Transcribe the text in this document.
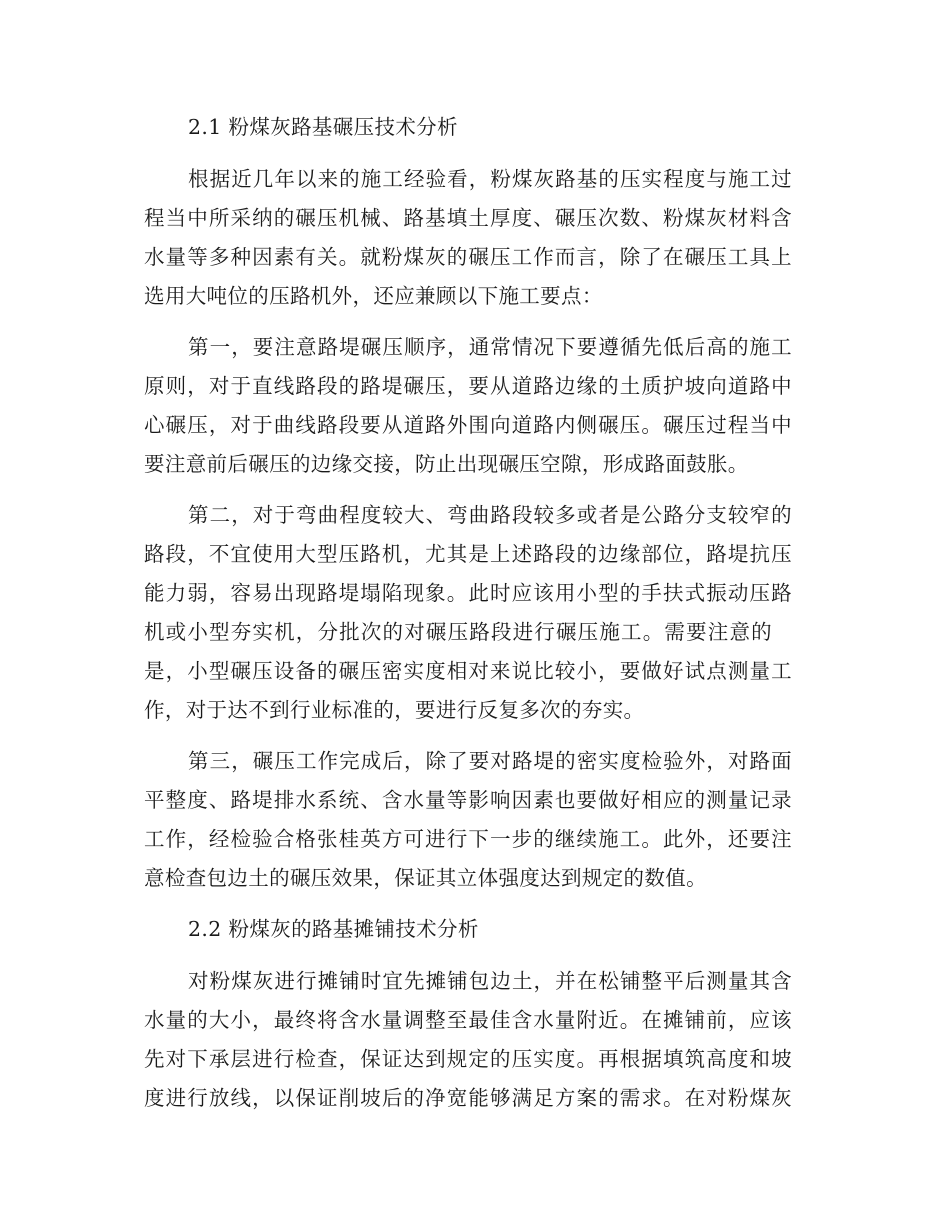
2.1 粉煤灰路基碾压技术分析
根据近几年以来的施工经验看，粉煤灰路基的压实程度与施工过
程当中所采纳的碾压机械、路基填土厚度、碾压次数、粉煤灰材料含
水量等多种因素有关。就粉煤灰的碾压工作而言，除了在碾压工具上
选用大吨位的压路机外，还应兼顾以下施工要点：
第一，要注意路堤碾压顺序，通常情况下要遵循先低后高的施工
原则，对于直线路段的路堤碾压，要从道路边缘的土质护坡向道路中
心碾压，对于曲线路段要从道路外围向道路内侧碾压。碾压过程当中
要注意前后碾压的边缘交接，防止出现碾压空隙，形成路面鼓胀。
第二，对于弯曲程度较大、弯曲路段较多或者是公路分支较窄的
路段，不宜使用大型压路机，尤其是上述路段的边缘部位，路堤抗压
能力弱，容易出现路堤塌陷现象。此时应该用小型的手扶式振动压路
机或小型夯实机，分批次的对碾压路段进行碾压施工。需要注意的
是，小型碾压设备的碾压密实度相对来说比较小，要做好试点测量工
作，对于达不到行业标准的，要进行反复多次的夯实。
第三，碾压工作完成后，除了要对路堤的密实度检验外，对路面
平整度、路堤排水系统、含水量等影响因素也要做好相应的测量记录
工作，经检验合格张桂英方可进行下一步的继续施工。此外，还要注
意检查包边土的碾压效果，保证其立体强度达到规定的数值。
2.2 粉煤灰的路基摊铺技术分析
对粉煤灰进行摊铺时宜先摊铺包边土，并在松铺整平后测量其含
水量的大小，最终将含水量调整至最佳含水量附近。在摊铺前，应该
先对下承层进行检查，保证达到规定的压实度。再根据填筑高度和坡
度进行放线，以保证削坡后的净宽能够满足方案的需求。在对粉煤灰
